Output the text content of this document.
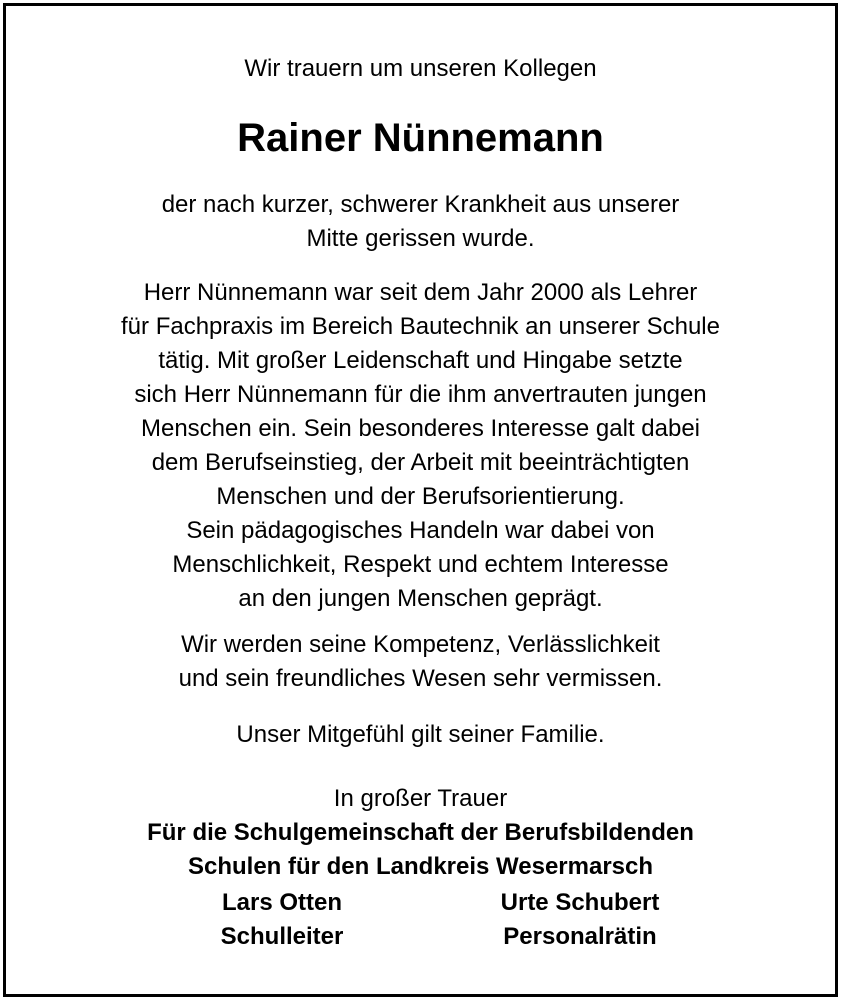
Wir trauern um unseren Kollegen
Rainer Nünnemann
der nach kurzer, schwerer Krankheit aus unserer
Mitte gerissen wurde.
Herr Nünnemann war seit dem Jahr 2000 als Lehrer
für Fachpraxis im Bereich Bautechnik an unserer Schule
tätig. Mit großer Leidenschaft und Hingabe setzte
sich Herr Nünnemann für die ihm anvertrauten jungen
Menschen ein. Sein besonderes Interesse galt dabei
dem Berufseinstieg, der Arbeit mit beeinträchtigten
Menschen und der Berufsorientierung.
Sein pädagogisches Handeln war dabei von
Menschlichkeit, Respekt und echtem Interesse
an den jungen Menschen geprägt.
Wir werden seine Kompetenz, Verlässlichkeit
und sein freundliches Wesen sehr vermissen.
Unser Mitgefühl gilt seiner Familie.
In großer Trauer
Für die Schulgemeinschaft der Berufsbildenden
Schulen für den Landkreis Wesermarsch
Lars Otten
Schulleiter
Urte Schubert
Personalrätin
